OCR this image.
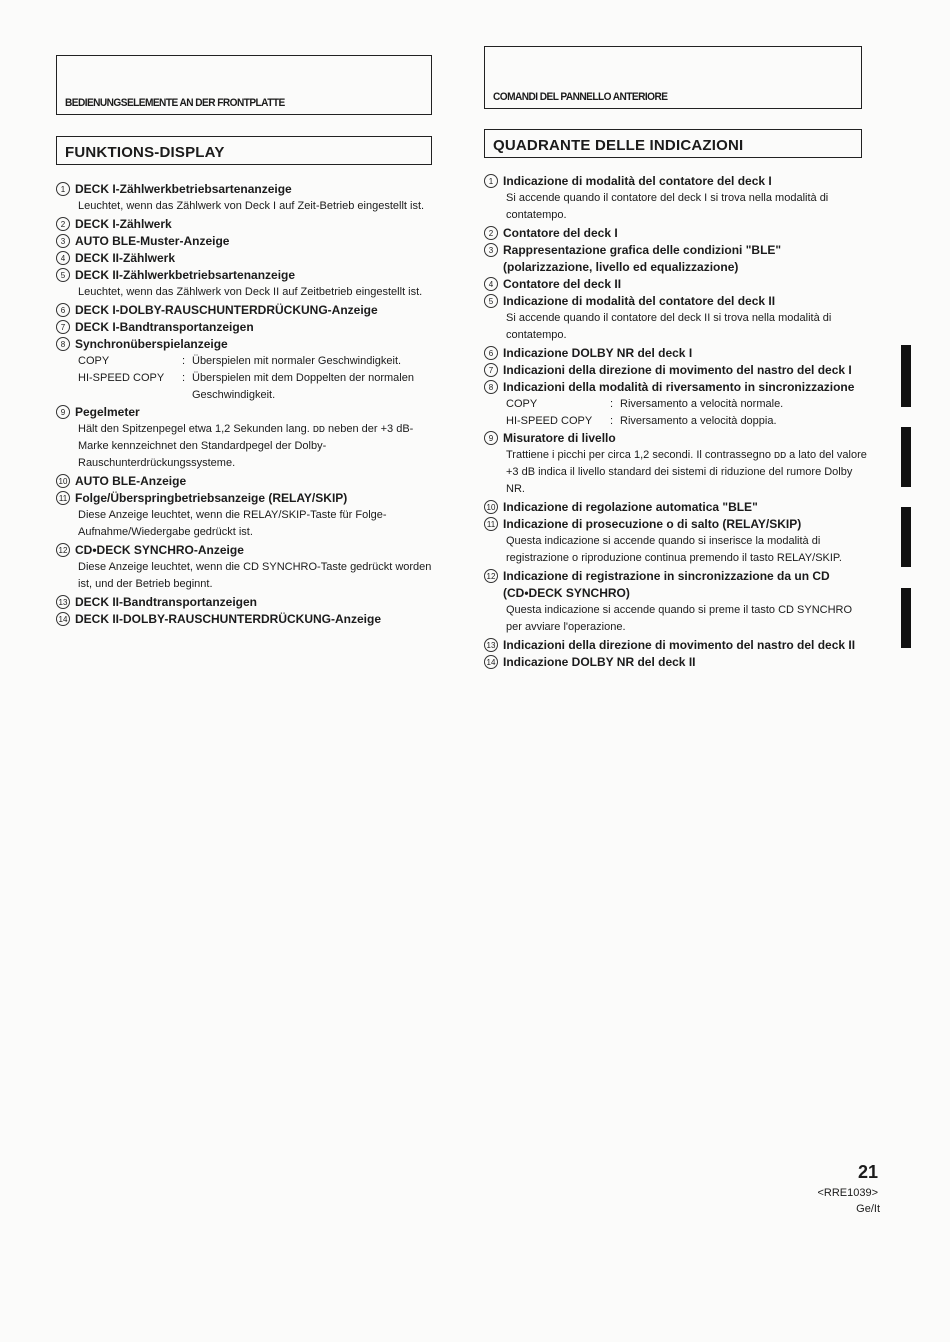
BEDIENUNGSELEMENTE AN DER FRONTPLATTE
FUNKTIONS-DISPLAY
1 DECK I-Zählwerkbetriebsartenanzeige
Leuchtet, wenn das Zählwerk von Deck I auf Zeit-Betrieb eingestellt ist.
2 DECK I-Zählwerk
3 AUTO BLE-Muster-Anzeige
4 DECK II-Zählwerk
5 DECK II-Zählwerkbetriebsartenanzeige
Leuchtet, wenn das Zählwerk von Deck II auf Zeitbetrieb eingestellt ist.
6 DECK I-DOLBY-RAUSCHUNTERDRÜCKUNG-Anzeige
7 DECK I-Bandtransportanzeigen
8 Synchronüberspielanzeige
COPY	: Überspielen mit normaler Geschwindigkeit.
HI-SPEED COPY	: Überspielen mit dem Doppelten der normalen Geschwindigkeit.
9 Pegelmeter
Hält den Spitzenpegel etwa 1,2 Sekunden lang. ᴅᴅ neben der +3 dB-Marke kennzeichnet den Standardpegel der Dolby-Rauschunterdrückungssysteme.
10 AUTO BLE-Anzeige
11 Folge/Überspringbetriebsanzeige (RELAY/SKIP)
Diese Anzeige leuchtet, wenn die RELAY/SKIP-Taste für Folge-Aufnahme/Wiedergabe gedrückt ist.
12 CD•DECK SYNCHRO-Anzeige
Diese Anzeige leuchtet, wenn die CD SYNCHRO-Taste gedrückt worden ist, und der Betrieb beginnt.
13 DECK II-Bandtransportanzeigen
14 DECK II-DOLBY-RAUSCHUNTERDRÜCKUNG-Anzeige
COMANDI DEL PANNELLO ANTERIORE
QUADRANTE DELLE INDICAZIONI
1 Indicazione di modalità del contatore del deck I
Si accende quando il contatore del deck I si trova nella modalità di contatempo.
2 Contatore del deck I
3 Rappresentazione grafica delle condizioni "BLE" (polarizzazione, livello ed equalizzazione)
4 Contatore del deck II
5 Indicazione di modalità del contatore del deck II
Si accende quando il contatore del deck II si trova nella modalità di contatempo.
6 Indicazione DOLBY NR del deck I
7 Indicazioni della direzione di movimento del nastro del deck I
8 Indicazioni della modalità di riversamento in sincronizzazione
COPY	: Riversamento a velocità normale.
HI-SPEED COPY	: Riversamento a velocità doppia.
9 Misuratore di livello
Trattiene i picchi per circa 1,2 secondi. Il contrassegno ᴅᴅ a lato del valore +3 dB indica il livello standard dei sistemi di riduzione del rumore Dolby NR.
10 Indicazione di regolazione automatica "BLE"
11 Indicazione di prosecuzione o di salto (RELAY/SKIP)
Questa indicazione si accende quando si inserisce la modalità di registrazione o riproduzione continua premendo il tasto RELAY/SKIP.
12 Indicazione di registrazione in sincronizzazione da un CD (CD•DECK SYNCHRO)
Questa indicazione si accende quando si preme il tasto CD SYNCHRO per avviare l'operazione.
13 Indicazioni della direzione di movimento del nastro del deck II
14 Indicazione DOLBY NR del deck II
21
<RRE1039>
Ge/It
